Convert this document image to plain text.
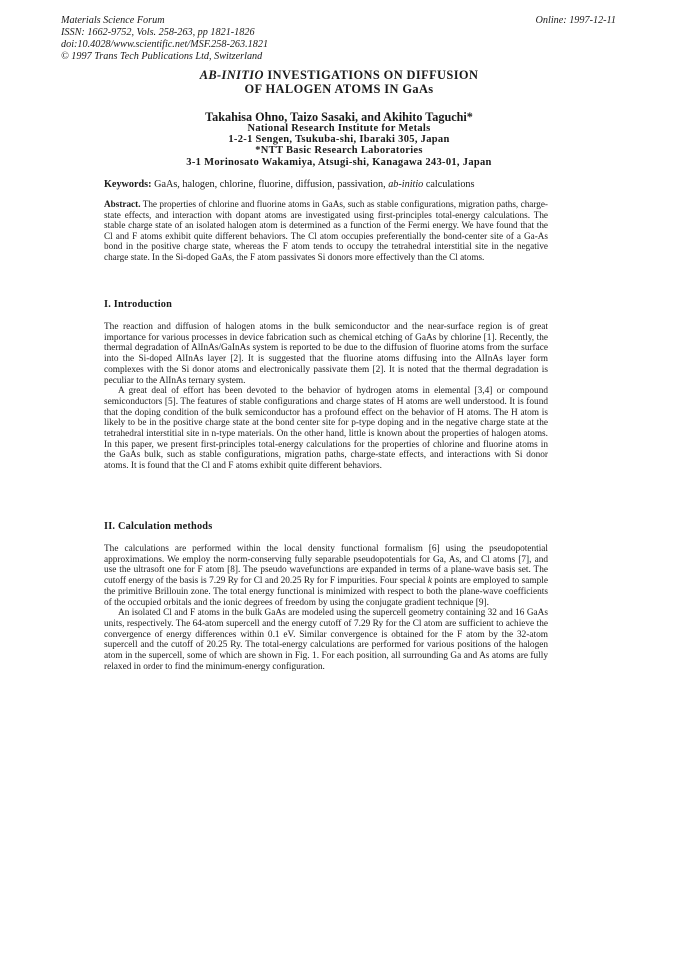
Materials Science Forum
ISSN: 1662-9752, Vols. 258-263, pp 1821-1826
doi:10.4028/www.scientific.net/MSF.258-263.1821
© 1997 Trans Tech Publications Ltd, Switzerland
Online: 1997-12-11
AB-INITIO INVESTIGATIONS ON DIFFUSION
OF HALOGEN ATOMS IN GaAs
Takahisa Ohno, Taizo Sasaki, and Akihito Taguchi*
National Research Institute for Metals
1-2-1 Sengen, Tsukuba-shi, Ibaraki 305, Japan
*NTT Basic Research Laboratories
3-1 Morinosato Wakamiya, Atsugi-shi, Kanagawa 243-01, Japan
Keywords: GaAs, halogen, chlorine, fluorine, diffusion, passivation, ab-initio calculations
Abstract. The properties of chlorine and fluorine atoms in GaAs, such as stable configurations, migration paths, charge-state effects, and interaction with dopant atoms are investigated using first-principles total-energy calculations. The stable charge state of an isolated halogen atom is determined as a function of the Fermi energy. We have found that the Cl and F atoms exhibit quite different behaviors. The Cl atom occupies preferentially the bond-center site of a Ga-As bond in the positive charge state, whereas the F atom tends to occupy the tetrahedral interstitial site in the negative charge state. In the Si-doped GaAs, the F atom passivates Si donors more effectively than the Cl atoms.
I. Introduction

The reaction and diffusion of halogen atoms in the bulk semiconductor and the near-surface region is of great importance for various processes in device fabrication such as chemical etching of GaAs by chlorine [1]. Recently, the thermal degradation of AlInAs/GaInAs system is reported to be due to the diffusion of fluorine atoms from the surface into the Si-doped AlInAs layer [2]. It is suggested that the fluorine atoms diffusing into the AlInAs layer form complexes with the Si donor atoms and electronically passivate them [2]. It is noted that the thermal degradation is peculiar to the AlInAs ternary system.

A great deal of effort has been devoted to the behavior of hydrogen atoms in elemental [3,4] or compound semiconductors [5]. The features of stable configurations and charge states of H atoms are well understood. It is found that the doping condition of the bulk semiconductor has a profound effect on the behavior of H atoms. The H atom is likely to be in the positive charge state at the bond center site for p-type doping and in the negative charge state at the tetrahedral interstitial site in n-type materials. On the other hand, little is known about the properties of halogen atoms. In this paper, we present first-principles total-energy calculations for the properties of chlorine and fluorine atoms in the GaAs bulk, such as stable configurations, migration paths, charge-state effects, and interactions with Si donor atoms. It is found that the Cl and F atoms exhibit quite different behaviors.

II. Calculation methods

The calculations are performed within the local density functional formalism [6] using the pseudopotential approximations. We employ the norm-conserving fully separable pseudopotentials for Ga, As, and Cl atoms [7], and use the ultrasoft one for F atom [8]. The pseudo wavefunctions are expanded in terms of a plane-wave basis set. The cutoff energy of the basis is 7.29 Ry for Cl and 20.25 Ry for F impurities. Four special k points are employed to sample the primitive Brillouin zone. The total energy functional is minimized with respect to both the plane-wave coefficients of the occupied orbitals and the ionic degrees of freedom by using the conjugate gradient technique [9].

An isolated Cl and F atoms in the bulk GaAs are modeled using the supercell geometry containing 32 and 16 GaAs units, respectively. The 64-atom supercell and the energy cutoff of 7.29 Ry for the Cl atom are sufficient to achieve the convergence of energy differences within 0.1 eV. Similar convergence is obtained for the F atom by the 32-atom supercell and the cutoff of 20.25 Ry. The total-energy calculations are performed for various positions of the halogen atom in the supercell, some of which are shown in Fig. 1. For each position, all surrounding Ga and As atoms are fully relaxed in order to find the minimum-energy configuration.
